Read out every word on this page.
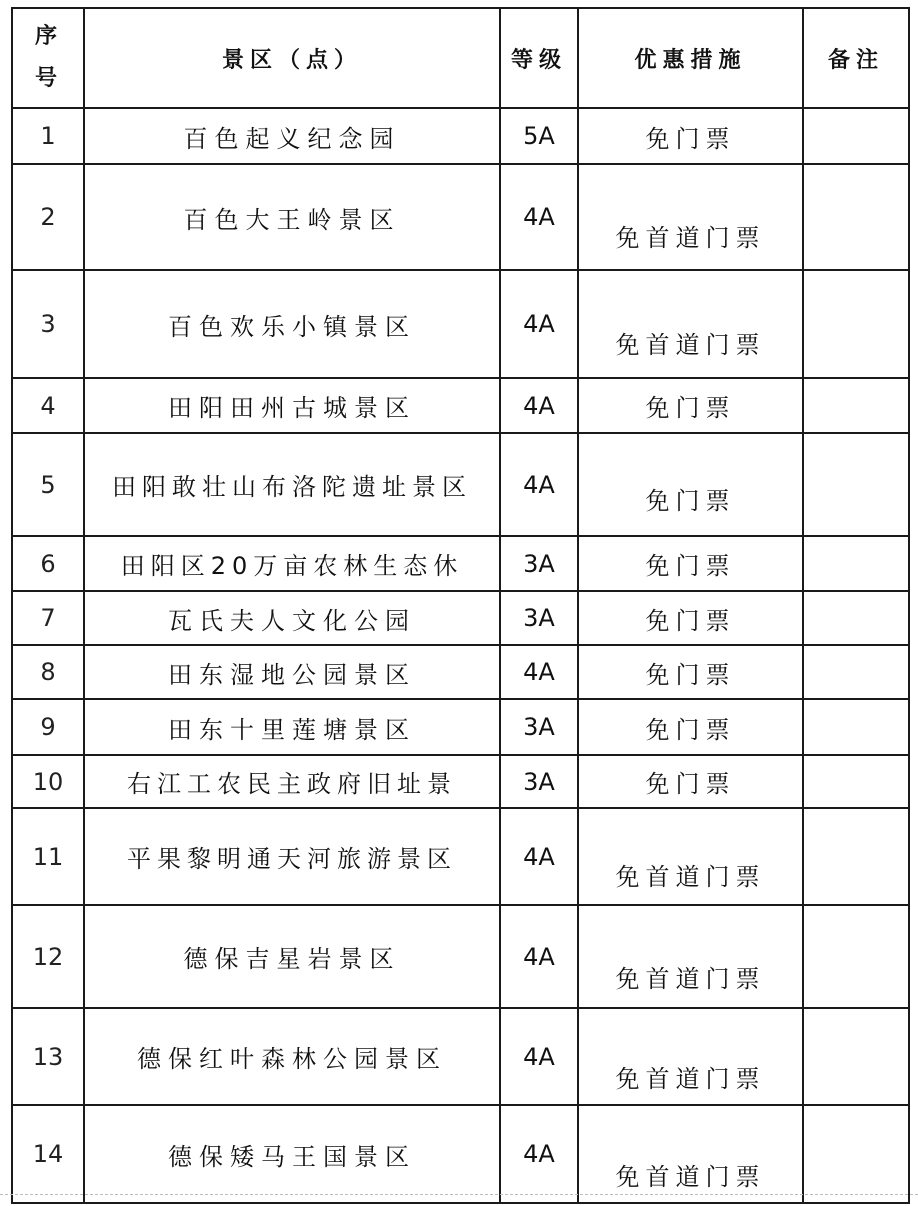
序号	景区（点）	等级	优惠措施	备注
1	百色起义纪念园	5A	免门票	
2	百色大王岭景区	4A	免首道门票	
3	百色欢乐小镇景区	4A	免首道门票	
4	田阳田州古城景区	4A	免门票	
5	田阳敢壮山布洛陀遗址景区	4A	免门票	
6	田阳区20万亩农林生态休	3A	免门票	
7	瓦氏夫人文化公园	3A	免门票	
8	田东湿地公园景区	4A	免门票	
9	田东十里莲塘景区	3A	免门票	
10	右江工农民主政府旧址景	3A	免门票	
11	平果黎明通天河旅游景区	4A	免首道门票	
12	德保吉星岩景区	4A	免首道门票	
13	德保红叶森林公园景区	4A	免首道门票	
14	德保矮马王国景区	4A	免首道门票	
